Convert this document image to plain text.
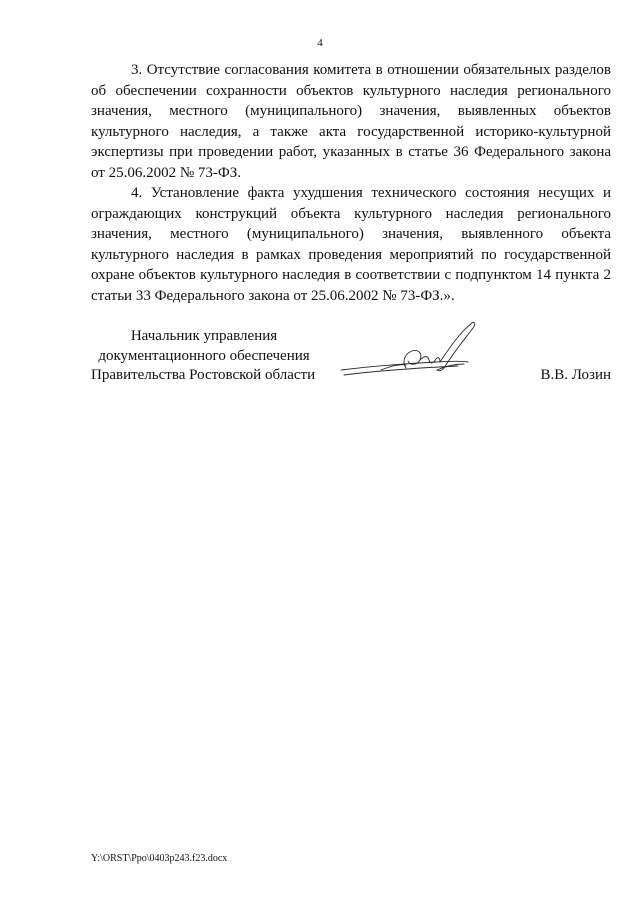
4

3. Отсутствие согласования комитета в отношении обязательных разделов об обеспечении сохранности объектов культурного наследия регионального значения, местного (муниципального) значения, выявленных объектов культурного наследия, а также акта государственной историко-культурной экспертизы при проведении работ, указанных в статье 36 Федерального закона от 25.06.2002 № 73-ФЗ.

4. Установление факта ухудшения технического состояния несущих и ограждающих конструкций объекта культурного наследия регионального значения, местного (муниципального) значения, выявленного объекта культурного наследия в рамках проведения мероприятий по государственной охране объектов культурного наследия в соответствии с подпунктом 14 пункта 2 статьи 33 Федерального закона от 25.06.2002 № 73-ФЗ.».

Начальник управления
документационного обеспечения
Правительства Ростовской области	В.В. Лозин
Y:\ORST\Ppo\0403p243.f23.docx
